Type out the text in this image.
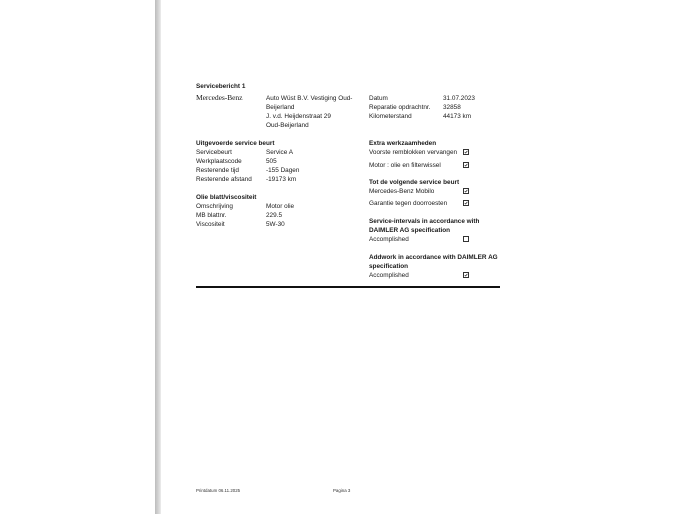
Servicebericht 1
Mercedes-Benz	Auto Wüst B.V. Vestiging Oud-
Beijerland
J. v.d. Heijdenstraat 29
Oud-Beijerland
Datum	31.07.2023
Reparatie opdrachtnr. 32858
Kilometerstand	44173 km
Uitgevoerde service beurt
Servicebeurt	Service A
Werkplaatscode	505
Resterende tijd	-155 Dagen
Resterende afstand -19173 km
Olie blatt/viscositeit
Omschrijving	Motor olie
MB blattnr.	229.5
Viscositeit	5W-30
Extra werkzaamheden
Voorste remblokken vervangen
Motor : olie en filterwissel
Tot de volgende service beurt
Mercedes-Benz Mobilo
Garantie tegen doorroesten
Service-intervals in accordance with
DAIMLER AG specification
Accomplished
Addwork in accordance with DAIMLER AG
specification
Accomplished
Printdatum 06.11.2025	Pagina 3
